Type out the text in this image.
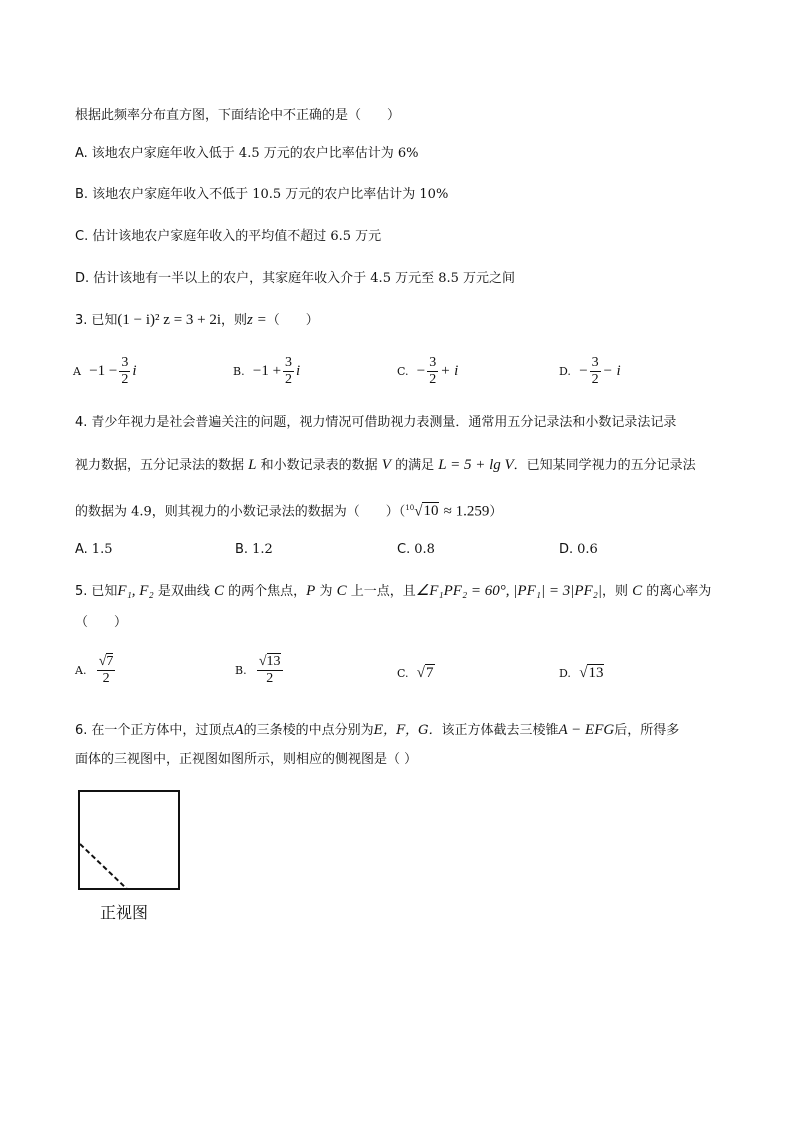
根据此频率分布直方图，下面结论中不正确的是（　　）
A. 该地农户家庭年收入低于 4.5 万元的农户比率估计为 6%
B. 该地农户家庭年收入不低于 10.5 万元的农户比率估计为 10%
C. 估计该地农户家庭年收入的平均值不超过 6.5 万元
D. 估计该地有一半以上的农户，其家庭年收入介于 4.5 万元至 8.5 万元之间
3. 已知(1 − i)² z = 3 + 2i，则z =（　　）
A
$-1 - \frac{3}{2}$ i	B.
$-1 + \frac{3}{2}$ i	C.
− $\frac{3}{2} + i$	D.
− $\frac{3}{2} - i$
4. 青少年视力是社会普遍关注的问题，视力情况可借助视力表测量．通常用五分记录法和小数记录法记录
视力数据，五分记录法的数据 L 和小数记录表的数据 V 的满足 L = 5 + lg V．已知某同学视力的五分记录法
的数据为 4.9，则其视力的小数记录法的数据为（　　）（$^{10}$√10 ≈ 1.259）
A. 1.5	B. 1.2	C. 0.8	D. 0.6
5. 已知F₁, F₂ 是双曲线 C 的两个焦点，P 为 C 上一点，且∠F₁PF₂ = 60°, |PF₁| = 3|PF₂|，则 C 的离心率为
（　　）
A.
$\frac{√7}{2}$	B.
$\frac{√13}{2}$	C.
√7	D.
√13
6. 在一个正方体中，过顶点A的三条棱的中点分别为E，F，G．该正方体截去三棱锥A − EFG后，所得多
面体的三视图中，正视图如图所示，则相应的侧视图是（ ）
正视图
